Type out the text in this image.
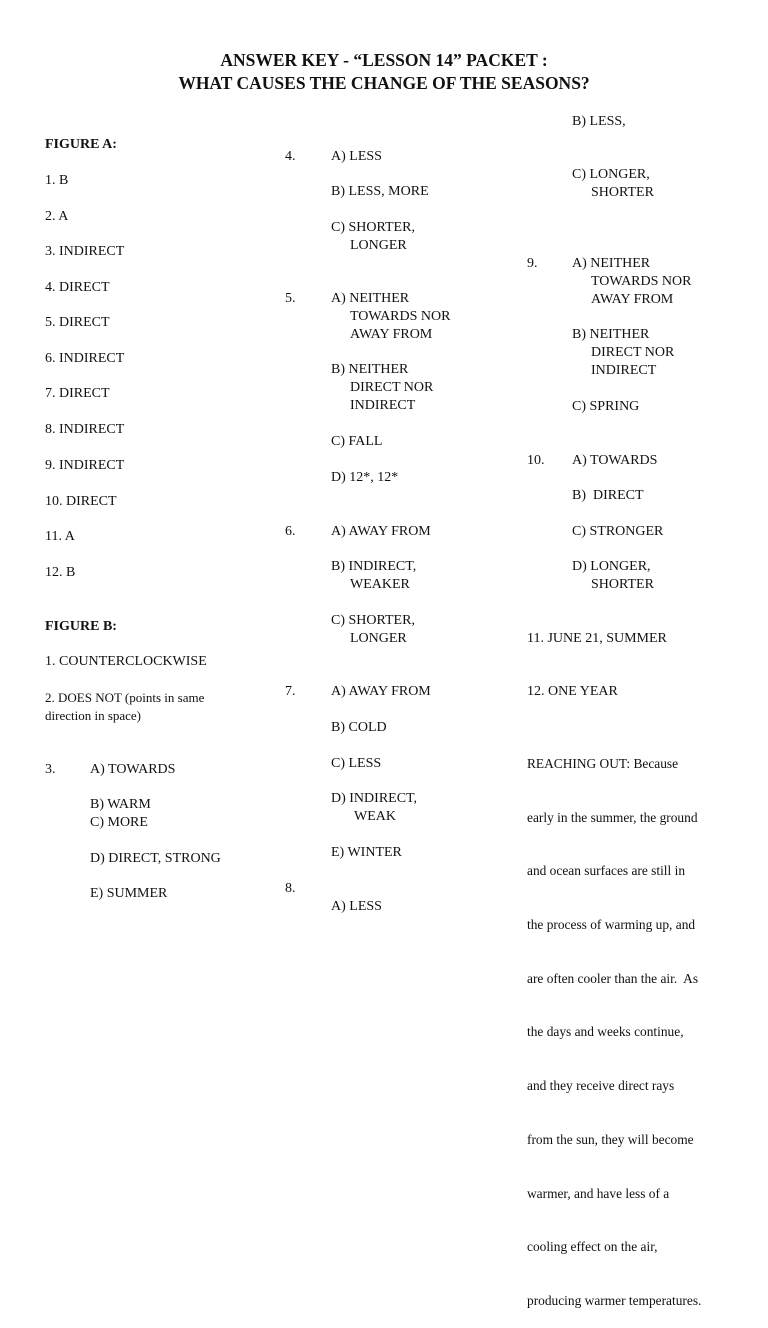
ANSWER KEY - “LESSON 14” PACKET :
WHAT CAUSES THE CHANGE OF THE SEASONS?
FIGURE A:
1. B
2. A
3. INDIRECT
4. DIRECT
5. DIRECT
6. INDIRECT
7. DIRECT
8. INDIRECT
9. INDIRECT
10. DIRECT
11. A
12. B
FIGURE B:
1. COUNTERCLOCKWISE
2. DOES NOT (points in same
direction in space)
3. A) TOWARDS
B) WARM
C) MORE
D) DIRECT, STRONG
E) SUMMER
4.	A) LESS
B) LESS, MORE
C) SHORTER,
LONGER
5.	A) NEITHER
TOWARDS NOR
AWAY FROM
B) NEITHER
DIRECT NOR
INDIRECT
C) FALL
D) 12*, 12*
6.	A) AWAY FROM
B) INDIRECT,
WEAKER
C) SHORTER,
LONGER
7.	A) AWAY FROM
B) COLD
C) LESS
D) INDIRECT,
WEAK
E) WINTER
8.
A) LESS
B) LESS,
C) LONGER,
SHORTER
9. A) NEITHER
TOWARDS NOR
AWAY FROM
B) NEITHER
DIRECT NOR
INDIRECT
C) SPRING
10. A) TOWARDS
B)  DIRECT
C) STRONGER
D) LONGER,
SHORTER
11. JUNE 21, SUMMER
12. ONE YEAR

REACHING OUT: Because

early in the summer, the ground

and ocean surfaces are still in

the process of warming up, and

are often cooler than the air.  As

the days and weeks continue,

and they receive direct rays

from the sun, they will become

warmer, and have less of a

cooling effect on the air,

producing warmer temperatures.
